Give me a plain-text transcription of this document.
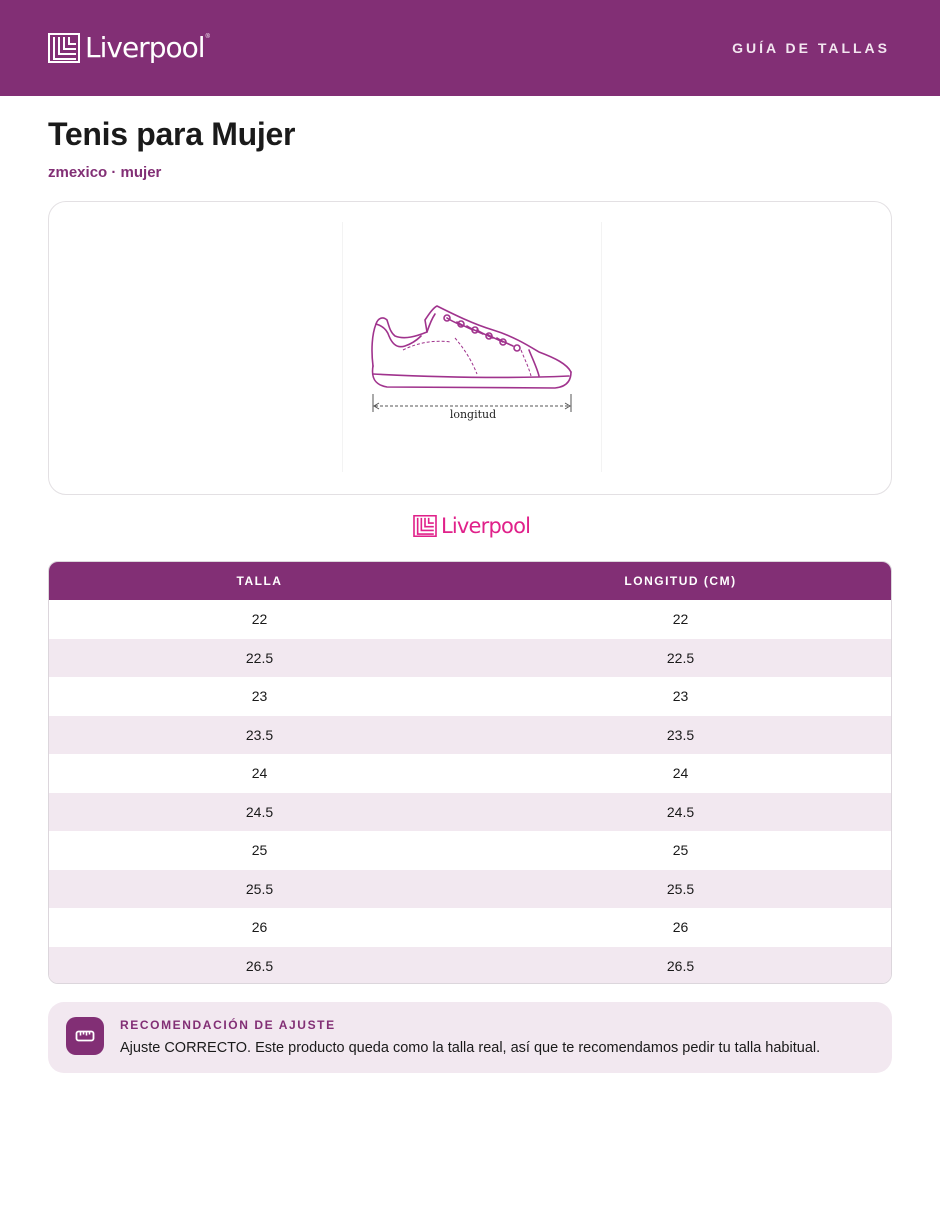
Liverpool ®
GUÍA DE TALLAS
Tenis para Mujer
zmexico · mujer
longitud
Liverpool
TALLA	LONGITUD (CM)
22	22
22.5	22.5
23	23
23.5	23.5
24	24
24.5	24.5
25	25
25.5	25.5
26	26
26.5	26.5
RECOMENDACIÓN DE AJUSTE
Ajuste CORRECTO. Este producto queda como la talla real, así que te recomendamos pedir tu talla habitual.
